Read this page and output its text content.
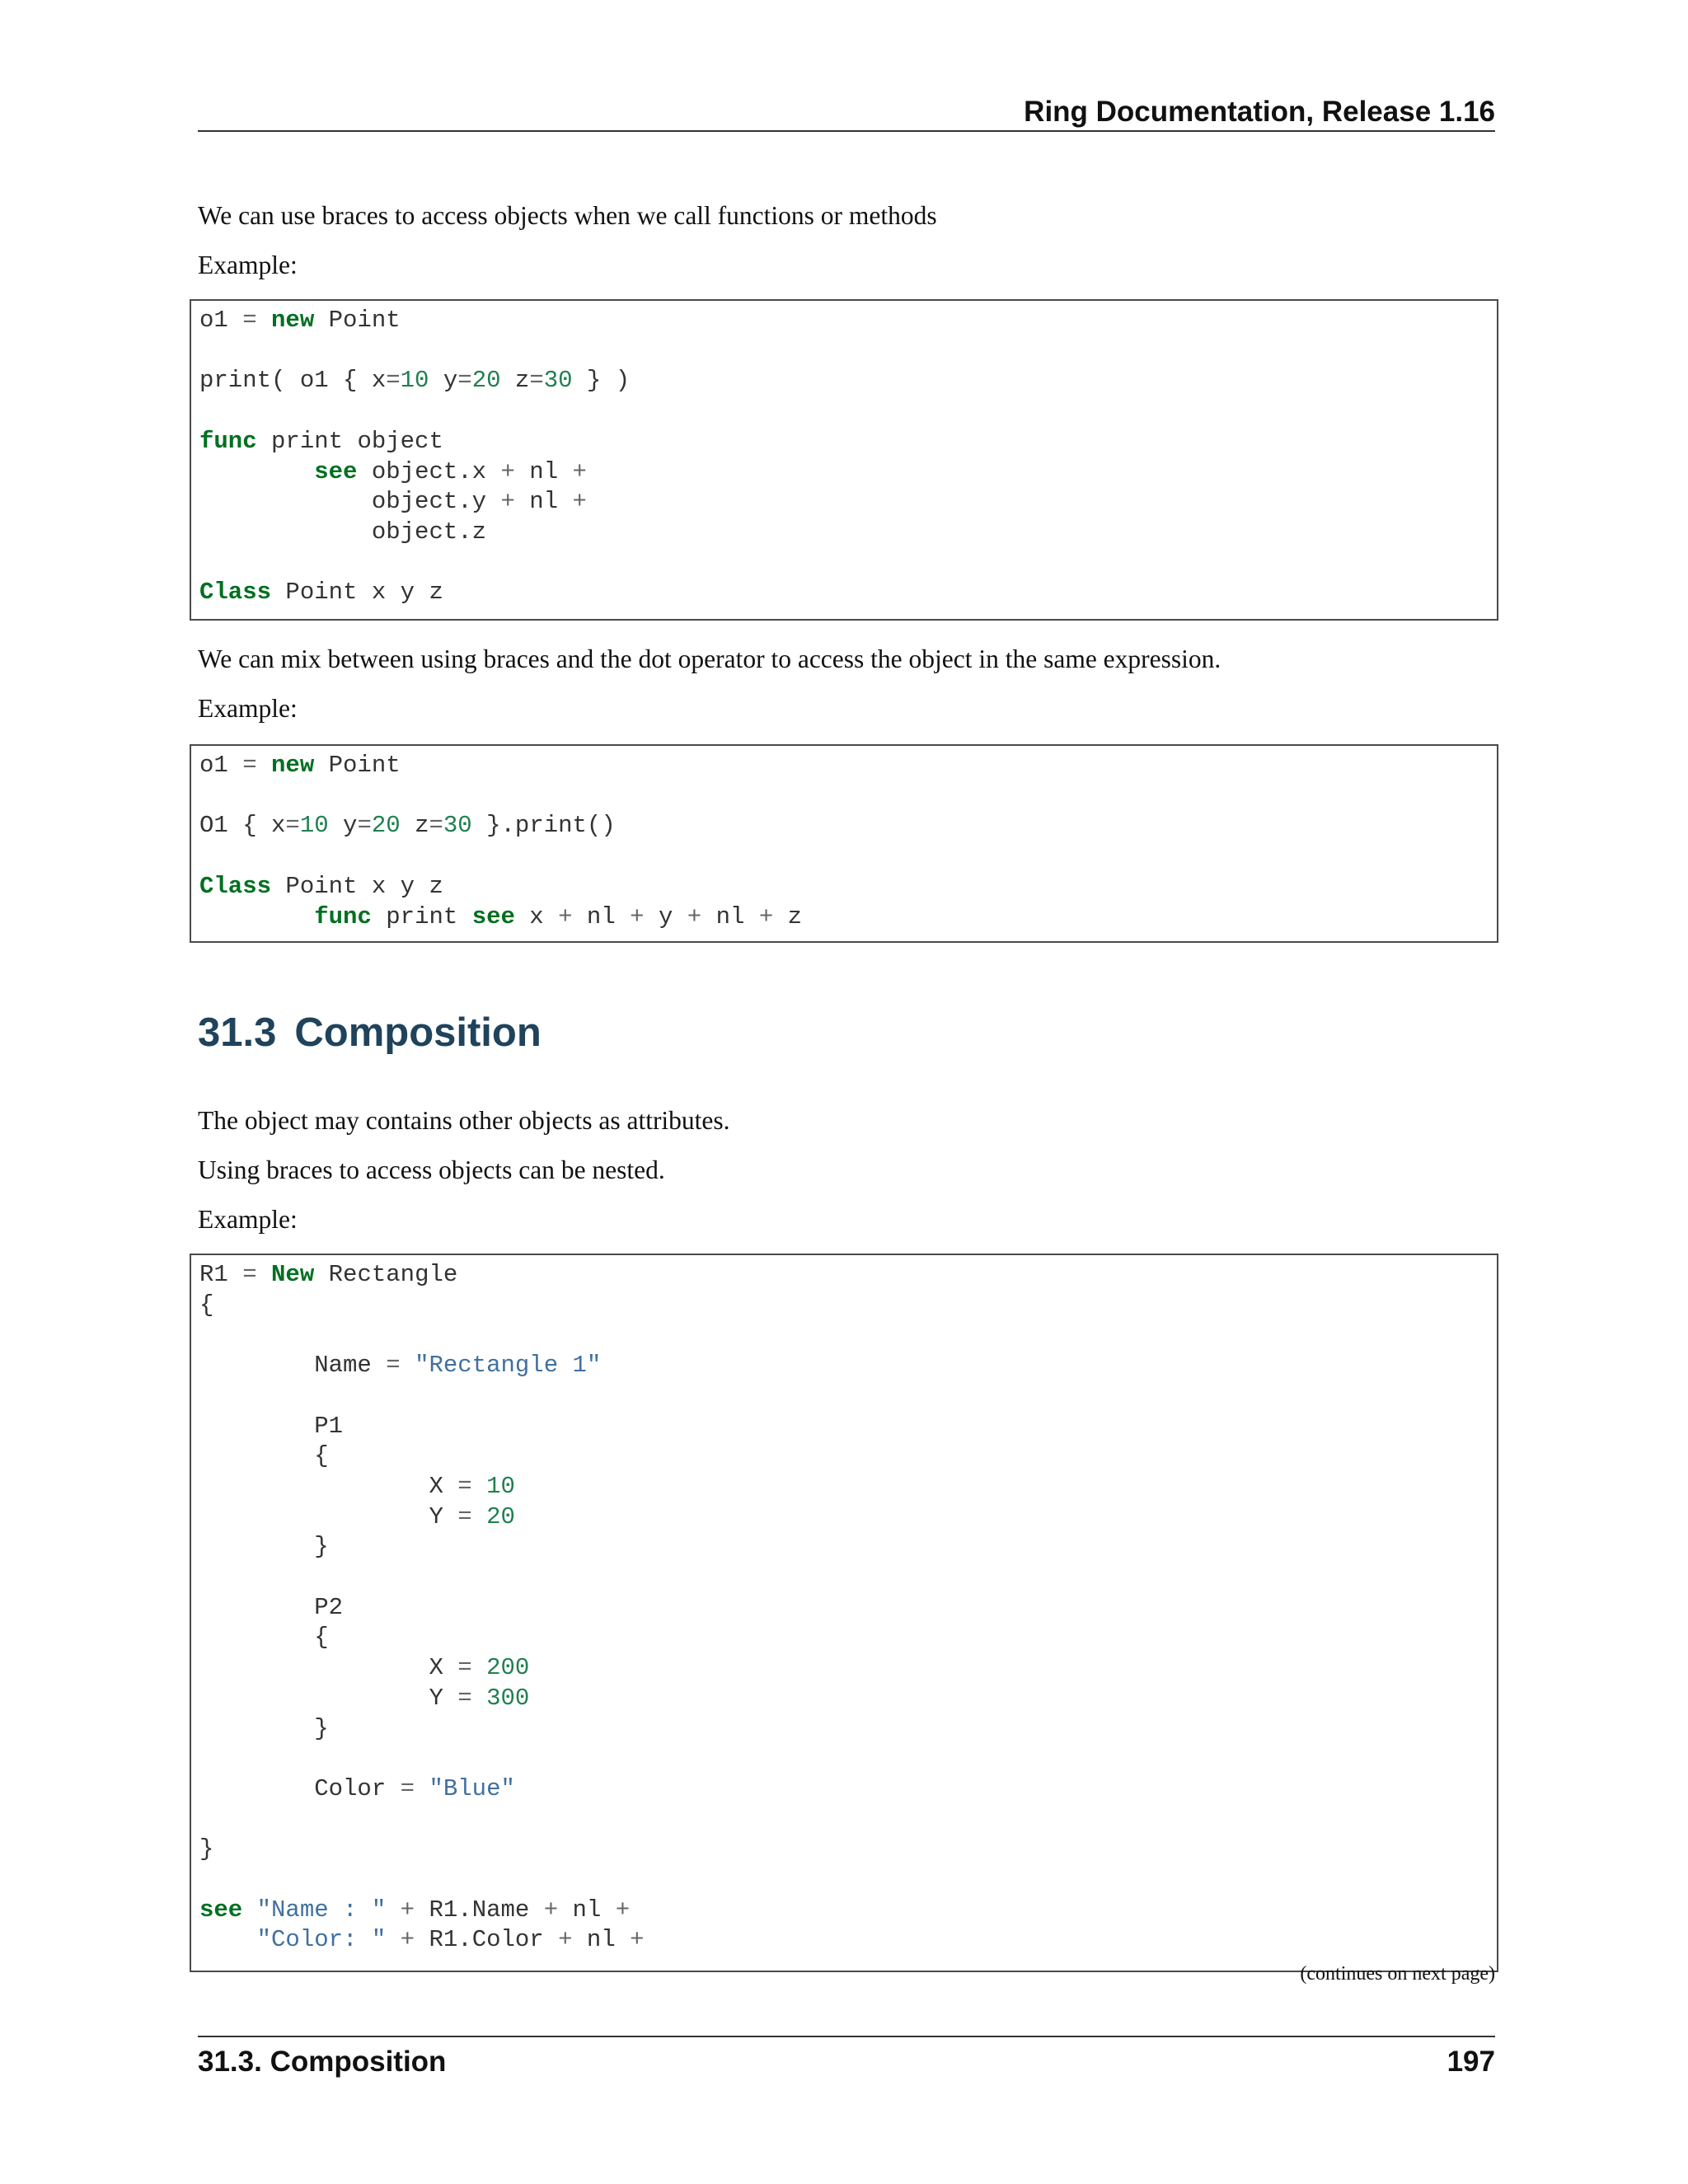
Ring Documentation, Release 1.16
We can use braces to access objects when we call functions or methods
Example:
o1 = new Point

print( o1 { x=10 y=20 z=30 } )

func print object
see object.x + nl +
object.y + nl +
object.z

Class Point x y z
We can mix between using braces and the dot operator to access the object in the same expression.
Example:
o1 = new Point

O1 { x=10 y=20 z=30 }.print()

Class Point x y z
func print see x + nl + y + nl + z
31.3 Composition
The object may contains other objects as attributes.
Using braces to access objects can be nested.
Example:
R1 = New Rectangle
{

Name = "Rectangle 1"

P1
{
X = 10
Y = 20
}

P2
{
X = 200
Y = 300
}

Color = "Blue"

}

see "Name : " + R1.Name + nl +
"Color: " + R1.Color + nl +
(continues on next page)
31.3. Composition	197
